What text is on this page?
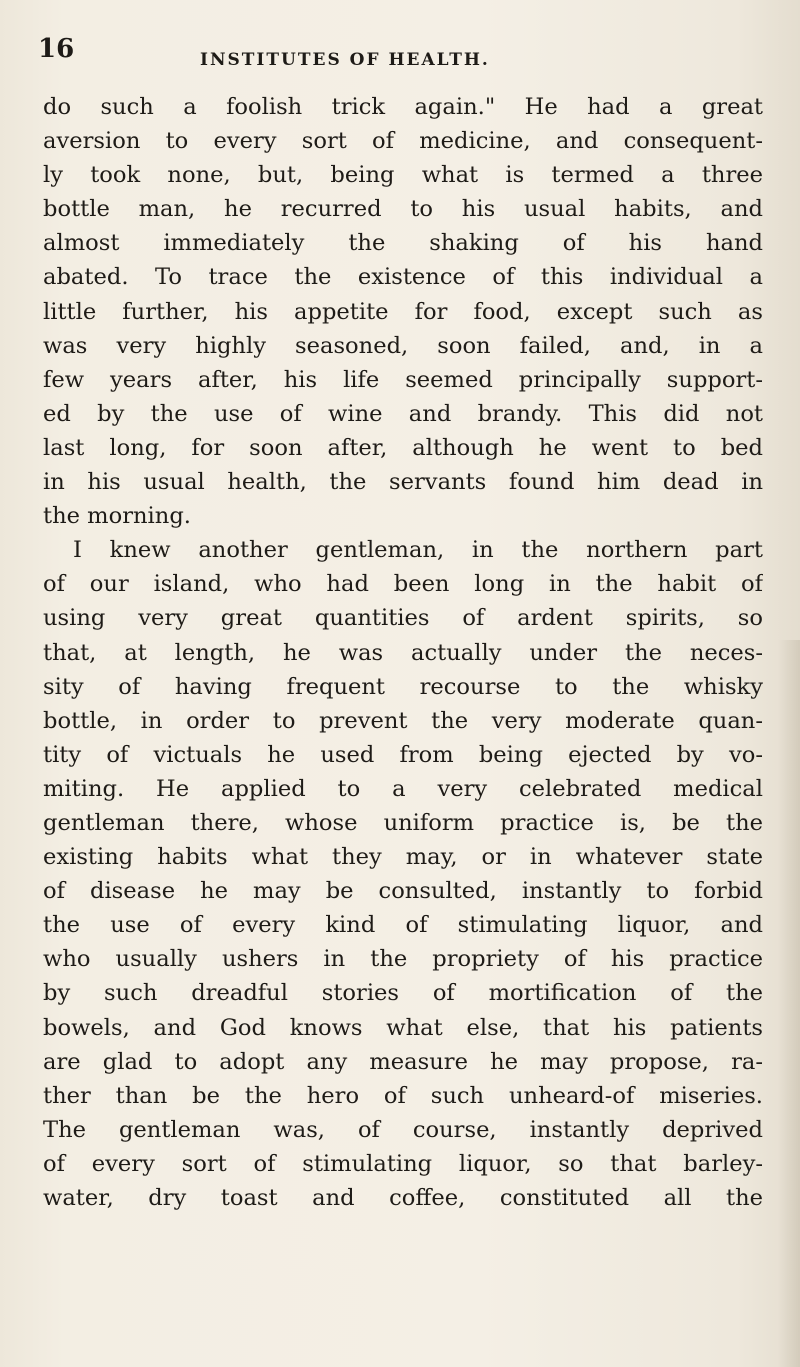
16	INSTITUTES OF HEALTH.
do such a foolish trick again." He had a great
aversion to every sort of medicine, and consequent-
ly took none, but, being what is termed a three
bottle man, he recurred to his usual habits, and
almost immediately the shaking of his hand
abated. To trace the existence of this individual a
little further, his appetite for food, except such as
was very highly seasoned, soon failed, and, in a
few years after, his life seemed principally support-
ed by the use of wine and brandy. This did not
last long, for soon after, although he went to bed
in his usual health, the servants found him dead in
the morning.
I knew another gentleman, in the northern part
of our island, who had been long in the habit of
using very great quantities of ardent spirits, so
that, at length, he was actually under the neces-
sity of having frequent recourse to the whisky
bottle, in order to prevent the very moderate quan-
tity of victuals he used from being ejected by vo-
miting. He applied to a very celebrated medical
gentleman there, whose uniform practice is, be the
existing habits what they may, or in whatever state
of disease he may be consulted, instantly to forbid
the use of every kind of stimulating liquor, and
who usually ushers in the propriety of his practice
by such dreadful stories of mortification of the
bowels, and God knows what else, that his patients
are glad to adopt any measure he may propose, ra-
ther than be the hero of such unheard-of miseries.
The gentleman was, of course, instantly deprived
of every sort of stimulating liquor, so that barley-
water, dry toast and coffee, constituted all the
